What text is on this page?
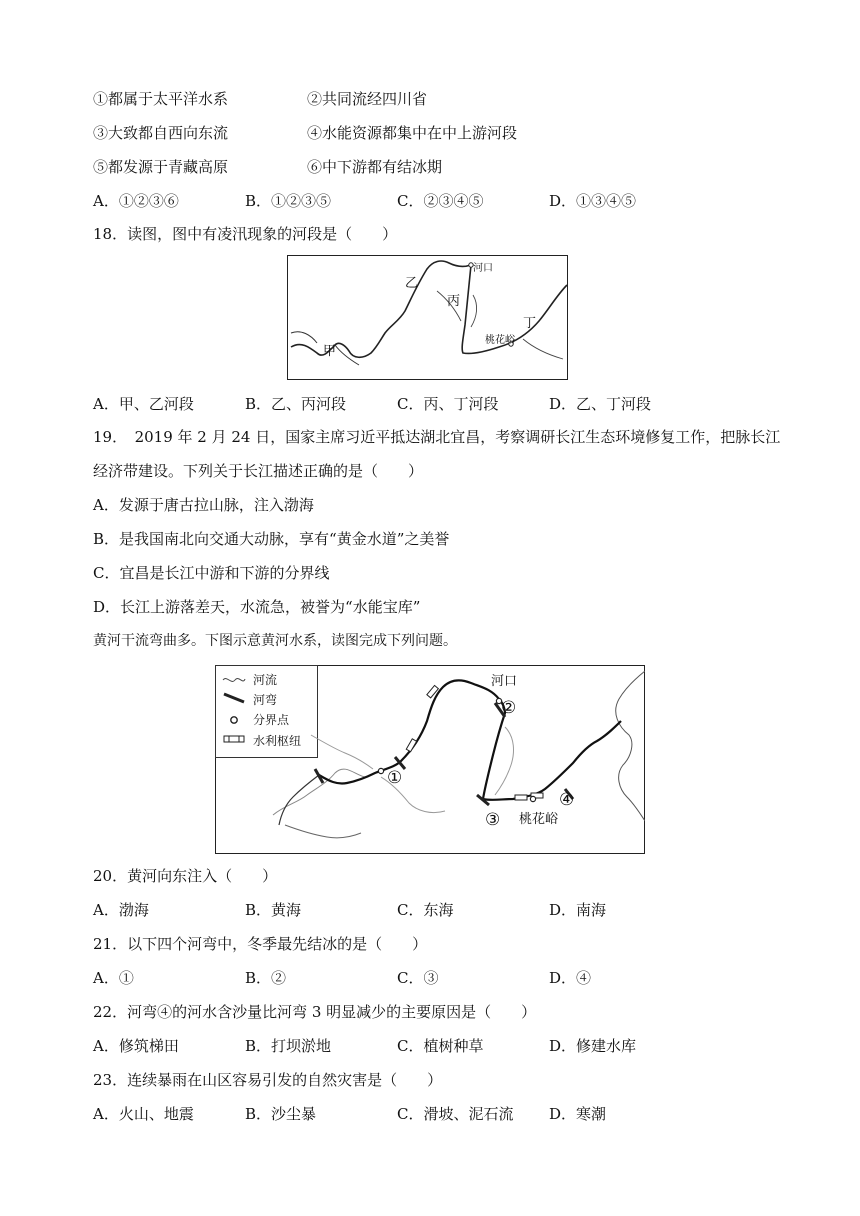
①都属于太平洋水系	②共同流经四川省
③大致都自西向东流	④水能资源都集中在中上游河段
⑤都发源于青藏高原	⑥中下游都有结冰期
A．①②③⑥	B．①②③⑤	C．②③④⑤	D．①③④⑤
18．读图，图中有凌汛现象的河段是（　　）
甲
乙
丙
丁
河口
桃花峪
A．甲、乙河段	B．乙、丙河段	C．丙、丁河段	D．乙、丁河段
19．　2019 年 2 月 24 日，国家主席习近平抵达湖北宜昌，考察调研长江生态环境修复工作，把脉长江
经济带建设。下列关于长江描述正确的是（　　）
A．发源于唐古拉山脉，注入渤海
B．是我国南北向交通大动脉，享有“黄金水道”之美誉
C．宜昌是长江中游和下游的分界线
D．长江上游落差天，水流急，被誉为“水能宝库”
黄河干流弯曲多。下图示意黄河水系，读图完成下列问题。
河流
河弯
分界点
水利枢纽
①
②
③
④
河口
桃花峪
20．黄河向东注入（　　）
A．渤海	B．黄海	C．东海	D．南海
21．以下四个河弯中，冬季最先结冰的是（　　）
A．①	B．②	C．③	D．④
22．河弯④的河水含沙量比河弯 3 明显减少的主要原因是（　　）
A．修筑梯田	B．打坝淤地	C．植树种草	D．修建水库
23．连续暴雨在山区容易引发的自然灾害是（　　）
A．火山、地震	B．沙尘暴	C．滑坡、泥石流 D．寒潮
